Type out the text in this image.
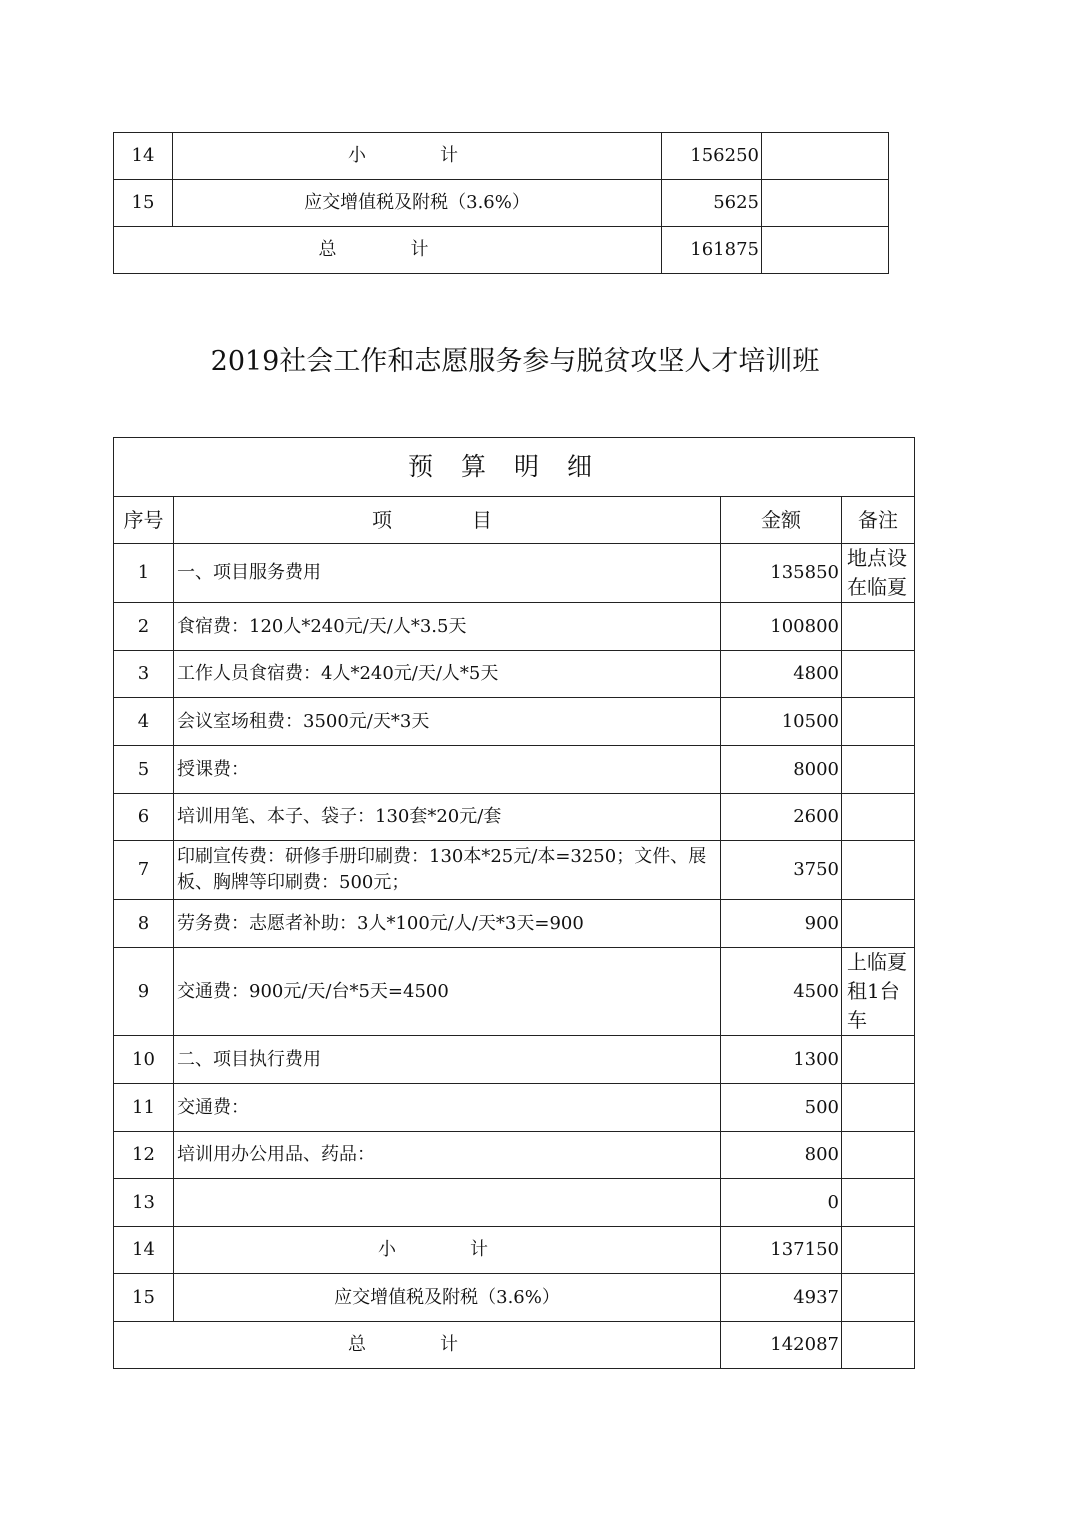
14	小　计	156250	
15	应交增值税及附税（3.6%）	5625	
总　计		161875	
2019社会工作和志愿服务参与脱贫攻坚人才培训班
预算明细			
序号	项　目	金额	备注
1	一、项目服务费用	135850	地点设在临夏
2	食宿费：120人*240元/天/人*3.5天	100800	
3	工作人员食宿费：4人*240元/天/人*5天	4800	
4	会议室场租费：3500元/天*3天	10500	
5	授课费：	8000	
6	培训用笔、本子、袋子：130套*20元/套	2600	
7	印刷宣传费：研修手册印刷费：130本*25元/本=3250；文件、展板、胸牌等印刷费：500元；	3750	
8	劳务费：志愿者补助：3人*100元/人/天*3天=900	900	
9	交通费：900元/天/台*5天=4500	4500	上临夏租1台车
10	二、项目执行费用	1300	
11	交通费：	500	
12	培训用办公用品、药品：	800	
13		0	
14	小　计	137150	
15	应交增值税及附税（3.6%）	4937	
总　计		142087	
